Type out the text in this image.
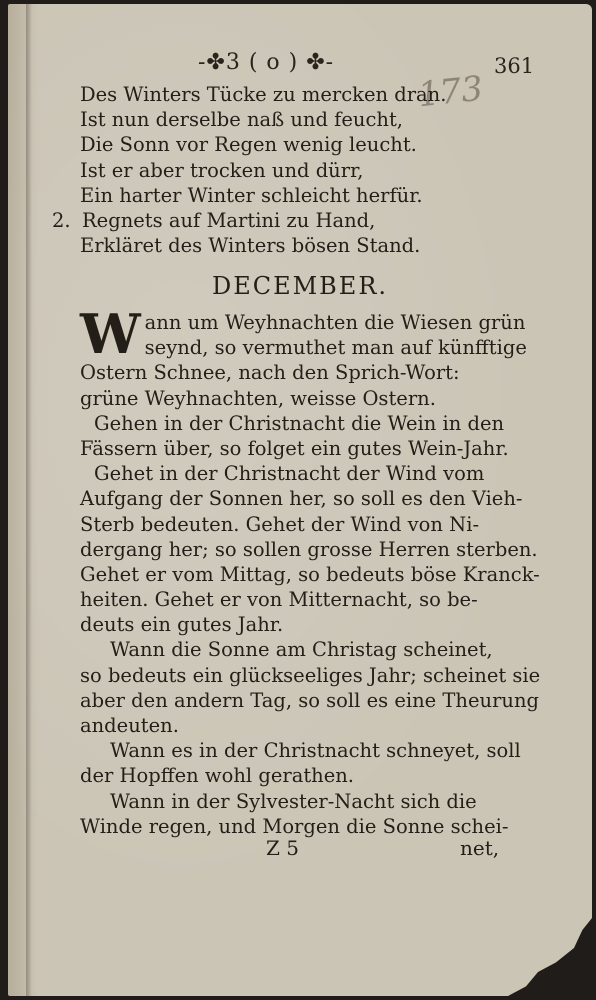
-✤3 ( o ) ✤-
173
361
Des Winters Tücke zu mercken dran.
Ist nun derselbe naß und feucht,
Die Sonn vor Regen wenig leucht.
Ist er aber trocken und dürr,
Ein harter Winter schleicht herfür.
2. Regnets auf Martini zu Hand,
Erkläret des Winters bösen Stand.
DECEMBER.
W ann um Weyhnachten die Wiesen grün
seynd, so vermuthet man auf künfftige
Ostern Schnee, nach den Sprich-Wort:
grüne Weyhnachten, weisse Ostern.
Gehen in der Christnacht die Wein in den
Fässern über, so folget ein gutes Wein-Jahr.
Gehet in der Christnacht der Wind vom
Aufgang der Sonnen her, so soll es den Vieh-
Sterb bedeuten. Gehet der Wind von Ni-
dergang her; so sollen grosse Herren sterben.
Gehet er vom Mittag, so bedeuts böse Kranck-
heiten. Gehet er von Mitternacht, so be-
deuts ein gutes Jahr.
Wann die Sonne am Christag scheinet,
so bedeuts ein glückseeliges Jahr; scheinet sie
aber den andern Tag, so soll es eine Theurung
andeuten.
Wann es in der Christnacht schneyet, soll
der Hopffen wohl gerathen.
Wann in der Sylvester-Nacht sich die
Winde regen, und Morgen die Sonne schei-
Z 5	net,
